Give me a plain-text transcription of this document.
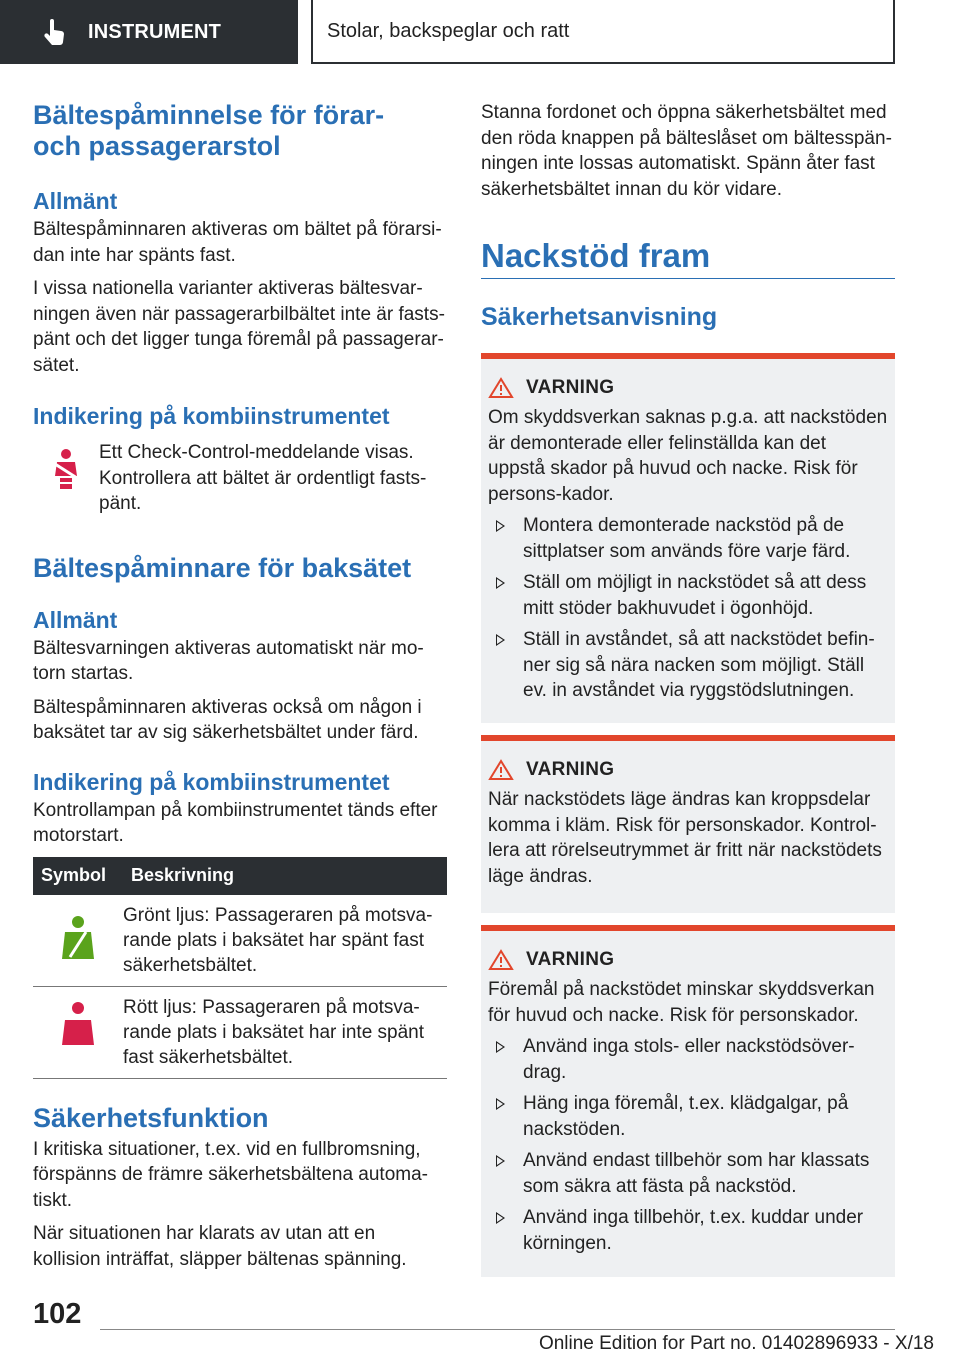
INSTRUMENT	Stolar, backspeglar och ratt
Bältespåminnelse för förar- och passagerarstol
Allmänt

Bältespåminnaren aktiveras om bältet på förarsi-dan inte har spänts fast.

I vissa nationella varianter aktiveras bältesvar-ningen även när passagerarbilbältet inte är fasts-pänt och det ligger tunga föremål på passagerar-sätet.

Indikering på kombiinstrumentet

Ett Check-Control-meddelande visas. Kontrollera att bältet är ordentligt fasts-pänt.

Bältespåminnare för baksätet
Allmänt

Bältesvarningen aktiveras automatiskt när mo-torn startas.

Bältespåminnaren aktiveras också om någon i baksätet tar av sig säkerhetsbältet under färd.

Indikering på kombiinstrumentet

Kontrollampan på kombiinstrumentet tänds efter motorstart.

Symbol	Beskrivning
	Grönt ljus: Passageraren på motsva-rande plats i baksätet har spänt fast säkerhetsbältet.
	Rött ljus: Passageraren på motsva-rande plats i baksätet har inte spänt fast säkerhetsbältet.
Säkerhetsfunktion

I kritiska situationer, t.ex. vid en fullbromsning, förspänns de främre säkerhetsbältena automa-tiskt.

När situationen har klarats av utan att en kollision inträffat, släpper bältenas spänning.

Stanna fordonet och öppna säkerhetsbältet med den röda knappen på bälteslåset om bältesspän-ningen inte lossas automatiskt. Spänn åter fast säkerhetsbältet innan du kör vidare.

Nackstöd fram
Säkerhetsanvisning
VARNING

Om skyddsverkan saknas p.g.a. att nackstöden är demonterade eller felinställda kan det uppstå skador på huvud och nacke. Risk för persons-kador.

Montera demonterade nackstöd på de sittplatser som används före varje färd.
Ställ om möjligt in nackstödet så att dess mitt stöder bakhuvudet i ögonhöjd.
Ställ in avståndet, så att nackstödet befin-ner sig så nära nacken som möjligt. Ställ ev. in avståndet via ryggstödslutningen.
VARNING

När nackstödets läge ändras kan kroppsdelar komma i kläm. Risk för personskador. Kontrol-lera att rörelseutrymmet är fritt när nackstödets läge ändras.

VARNING

Föremål på nackstödet minskar skyddsverkan för huvud och nacke. Risk för personskador.

Använd inga stols- eller nackstödsöver-drag.
Häng inga föremål, t.ex. klädgalgar, på nackstöden.
Använd endast tillbehör som har klassats som säkra att fästa på nackstöd.
Använd inga tillbehör, t.ex. kuddar under körningen.
102
Online Edition for Part no. 01402896933 - X/18
